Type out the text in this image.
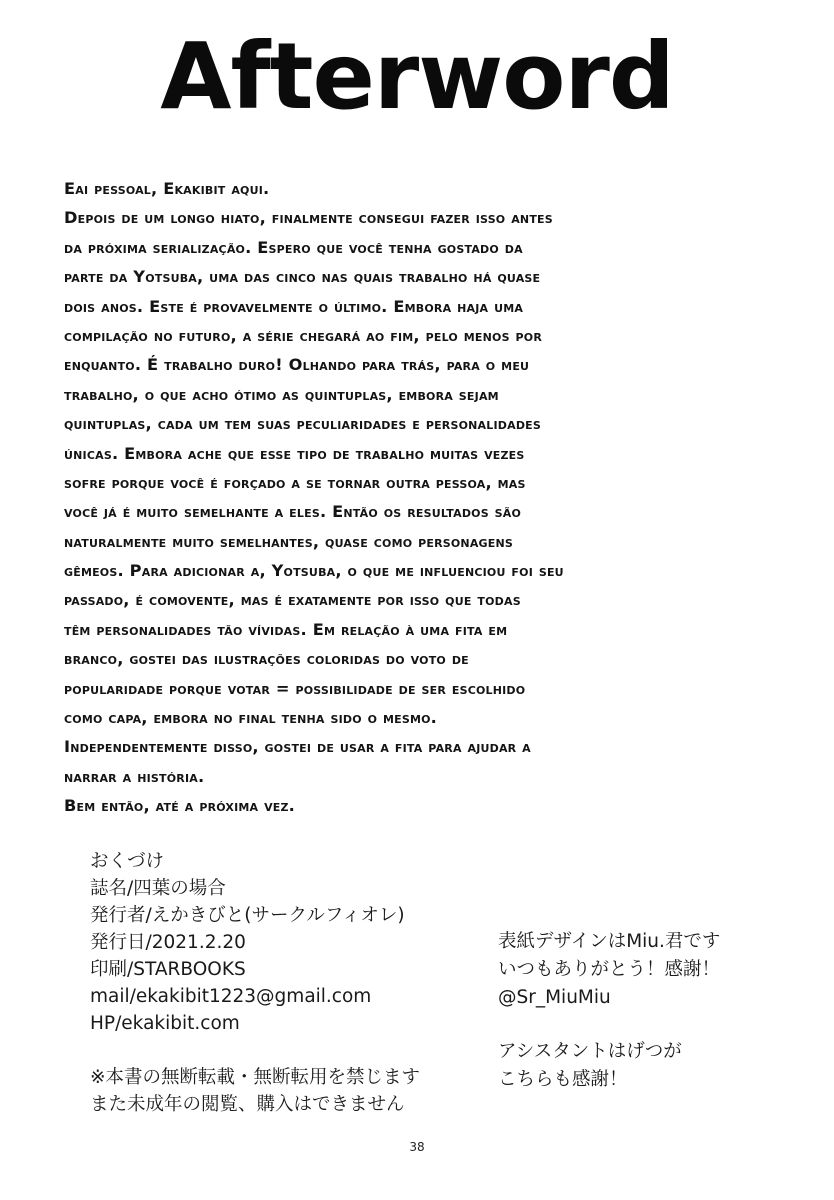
Afterword
Eai pessoal, Ekakibit aqui.
Depois de um longo hiato, finalmente consegui fazer isso antes
da próxima serialização. Espero que você tenha gostado da
parte da Yotsuba, uma das cinco nas quais trabalho há quase
dois anos. Este é provavelmente o último. Embora haja uma
compilação no futuro, a série chegará ao fim, pelo menos por
enquanto. É trabalho duro! Olhando para trás, para o meu
trabalho, o que acho ótimo as quintuplas, embora sejam
quintuplas, cada um tem suas peculiaridades e personalidades
únicas. Embora ache que esse tipo de trabalho muitas vezes
sofre porque você é forçado a se tornar outra pessoa, mas
você já é muito semelhante a eles. Então os resultados são
naturalmente muito semelhantes, quase como personagens
gêmeos. Para adicionar a, Yotsuba, o que me influenciou foi seu
passado, é comovente, mas é exatamente por isso que todas
têm personalidades tão vívidas. Em relação à uma fita em
branco, gostei das ilustrações coloridas do voto de
popularidade porque votar = possibilidade de ser escolhido
como capa, embora no final tenha sido o mesmo.
Independentemente disso, gostei de usar a fita para ajudar a
narrar a história.
Bem então, até a próxima vez.
おくづけ
誌名/四葉の場合
発行者/えかきびと(サークルフィオレ)
発行日/2021.2.20
印刷/STARBOOKS
mail/ekakibit1223@gmail.com
HP/ekakibit.com
※本書の無断転載・無断転用を禁じます
また未成年の閲覧、購入はできません
表紙デザインはMiu.君です
いつもありがとう！感謝！
@Sr_MiuMiu
アシスタントはげつが
こちらも感謝！
38
